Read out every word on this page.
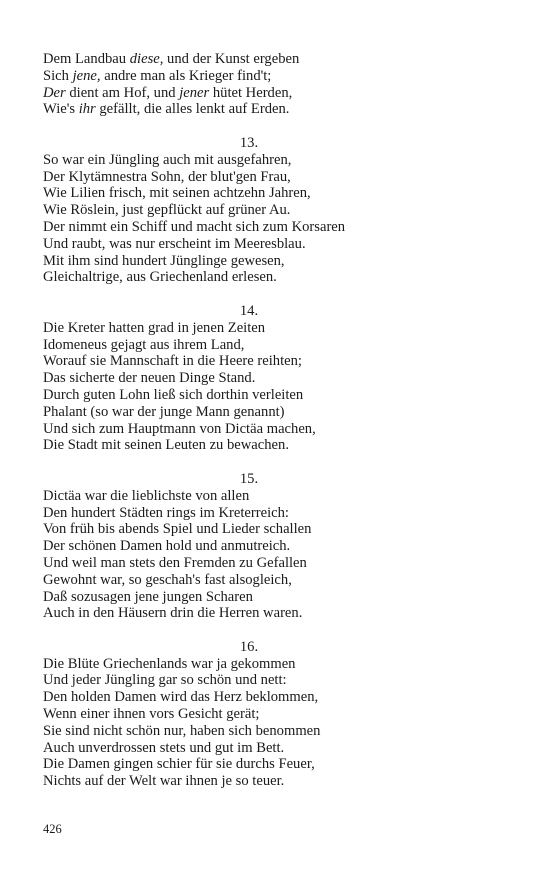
Dem Landbau diese, und der Kunst ergeben
Sich jene, andre man als Krieger find't;
Der dient am Hof, und jener hütet Herden,
Wie's ihr gefällt, die alles lenkt auf Erden.
13.
So war ein Jüngling auch mit ausgefahren,
Der Klytämnestra Sohn, der blut'gen Frau,
Wie Lilien frisch, mit seinen achtzehn Jahren,
Wie Röslein, just gepflückt auf grüner Au.
Der nimmt ein Schiff und macht sich zum Korsaren
Und raubt, was nur erscheint im Meeresblau.
Mit ihm sind hundert Jünglinge gewesen,
Gleichaltrige, aus Griechenland erlesen.
14.
Die Kreter hatten grad in jenen Zeiten
Idomeneus gejagt aus ihrem Land,
Worauf sie Mannschaft in die Heere reihten;
Das sicherte der neuen Dinge Stand.
Durch guten Lohn ließ sich dorthin verleiten
Phalant (so war der junge Mann genannt)
Und sich zum Hauptmann von Dictäa machen,
Die Stadt mit seinen Leuten zu bewachen.
15.
Dictäa war die lieblichste von allen
Den hundert Städten rings im Kreterreich:
Von früh bis abends Spiel und Lieder schallen
Der schönen Damen hold und anmutreich.
Und weil man stets den Fremden zu Gefallen
Gewohnt war, so geschah's fast alsogleich,
Daß sozusagen jene jungen Scharen
Auch in den Häusern drin die Herren waren.
16.
Die Blüte Griechenlands war ja gekommen
Und jeder Jüngling gar so schön und nett:
Den holden Damen wird das Herz beklommen,
Wenn einer ihnen vors Gesicht gerät;
Sie sind nicht schön nur, haben sich benommen
Auch unverdrossen stets und gut im Bett.
Die Damen gingen schier für sie durchs Feuer,
Nichts auf der Welt war ihnen je so teuer.
426
